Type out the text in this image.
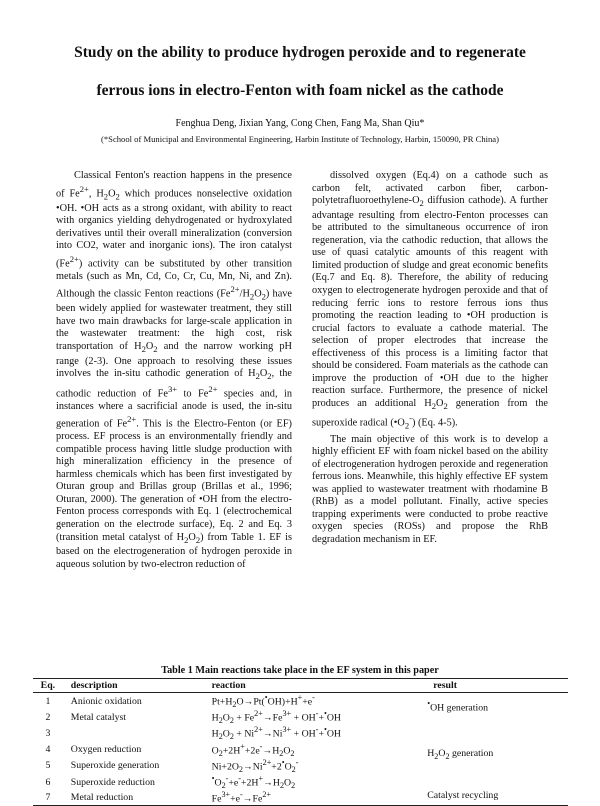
Study on the ability to produce hydrogen peroxide and to regenerate
ferrous ions in electro-Fenton with foam nickel as the cathode
Fenghua Deng, Jixian Yang, Cong Chen, Fang Ma, Shan Qiu*
(*School of Municipal and Environmental Engineering, Harbin Institute of Technology, Harbin, 150090, PR China)

Classical Fenton's reaction happens in the presence of $Fe^{2+}$, $H_2O_2$ which produces nonselective oxidation •OH. •OH acts as a strong oxidant, with ability to react with organics yielding dehydrogenated or hydroxylated derivatives until their overall mineralization (conversion into CO2, water and inorganic ions). The iron catalyst $(Fe^{2+})$ activity can be substituted by other transition metals (such as Mn, Cd, Co, Cr, Cu, Mn, Ni, and Zn). Although the classic Fenton reactions $(Fe^{2+}/H_2O_2)$ have been widely applied for wastewater treatment, they still have two main drawbacks for large-scale application in the wastewater treatment: the high cost, risk transportation of $H_2O_2$ and the narrow working pH range (2-3). One approach to resolving these issues involves the in-situ cathodic generation of $H_2O_2$, the cathodic reduction of $Fe^{3+}$ to $Fe^{2+}$ species and, in instances where a sacrificial anode is used, the in-situ generation of $Fe^{2+}$. This is the Electro-Fenton (or EF) process. EF process is an environmentally friendly and compatible process having little sludge production with high mineralization efficiency in the presence of harmless chemicals which has been first investigated by Oturan group and Brillas group (Brillas et al., 1996; Oturan, 2000). The generation of •OH from the electro-Fenton process corresponds with Eq. 1 (electrochemical generation on the electrode surface), Eq. 2 and Eq. 3 (transition metal catalyst of $H_2O_2$) from Table 1. EF is based on the electrogeneration of hydrogen peroxide in aqueous solution by two-electron reduction of

dissolved oxygen (Eq.4) on a cathode such as carbon felt, activated carbon fiber, carbon-$polytetrafluoroethylene-O_2$ diffusion cathode). A further advantage resulting from electro-Fenton processes can be attributed to the simultaneous occurrence of iron regeneration, via the cathodic reduction, that allows the use of quasi catalytic amounts of this reagent with limited production of sludge and great economic benefits (Eq.7 and Eq. 8). Therefore, the ability of reducing oxygen to electrogenerate hydrogen peroxide and that of reducing ferric ions to restore ferrous ions thus promoting the reaction leading to •OH production is crucial factors to evaluate a cathode material. The selection of proper electrodes that increase the effectiveness of this process is a limiting factor that should be considered. Foam materials as the cathode can improve the production of •OH due to the higher reaction surface. Furthermore, the presence of nickel produces an additional $H_2O_2$ generation from the superoxide radical $(•O_2^-)$ (Eq. 4-5).

The main objective of this work is to develop a highly efficient EF with foam nickel based on the ability of electrogeneration hydrogen peroxide and regeneration ferrous ions. Meanwhile, this highly effective EF system was applied to wastewater treatment with rhodamine B (RhB) as a model pollutant. Finally, active species trapping experiments were conducted to probe reactive oxygen species (ROSs) and propose the RhB degradation mechanism in EF.

Table 1 Main reactions take place in the EF system in this paper
Eq.	description	reaction	result
1	Anionic oxidation	$Pt+H_2O\to Pt(^•OH)+H^++e^-$	•OH generation
2	Metal catalyst	$H_2O_2 + Fe^{2+}\to Fe^{3+} + OH^-+^•OH$	
3		$H_2O_2 + Ni^{2+}\to Ni^{3+} + OH^-+^•OH$	
4	Oxygen reduction	$O_2+2H^++2e^-\to H_2O_2$	$H_2O_2$ generation
5	Superoxide generation	$Ni+2O_2\to Ni^{2+}+2^•O_2^-$
6	Superoxide reduction	$^•O_2^-+e^-+2H^+\to H_2O_2$
7	Metal reduction	$Fe^{3+}+e^-\to Fe^{2+}$	Catalyst recycling
